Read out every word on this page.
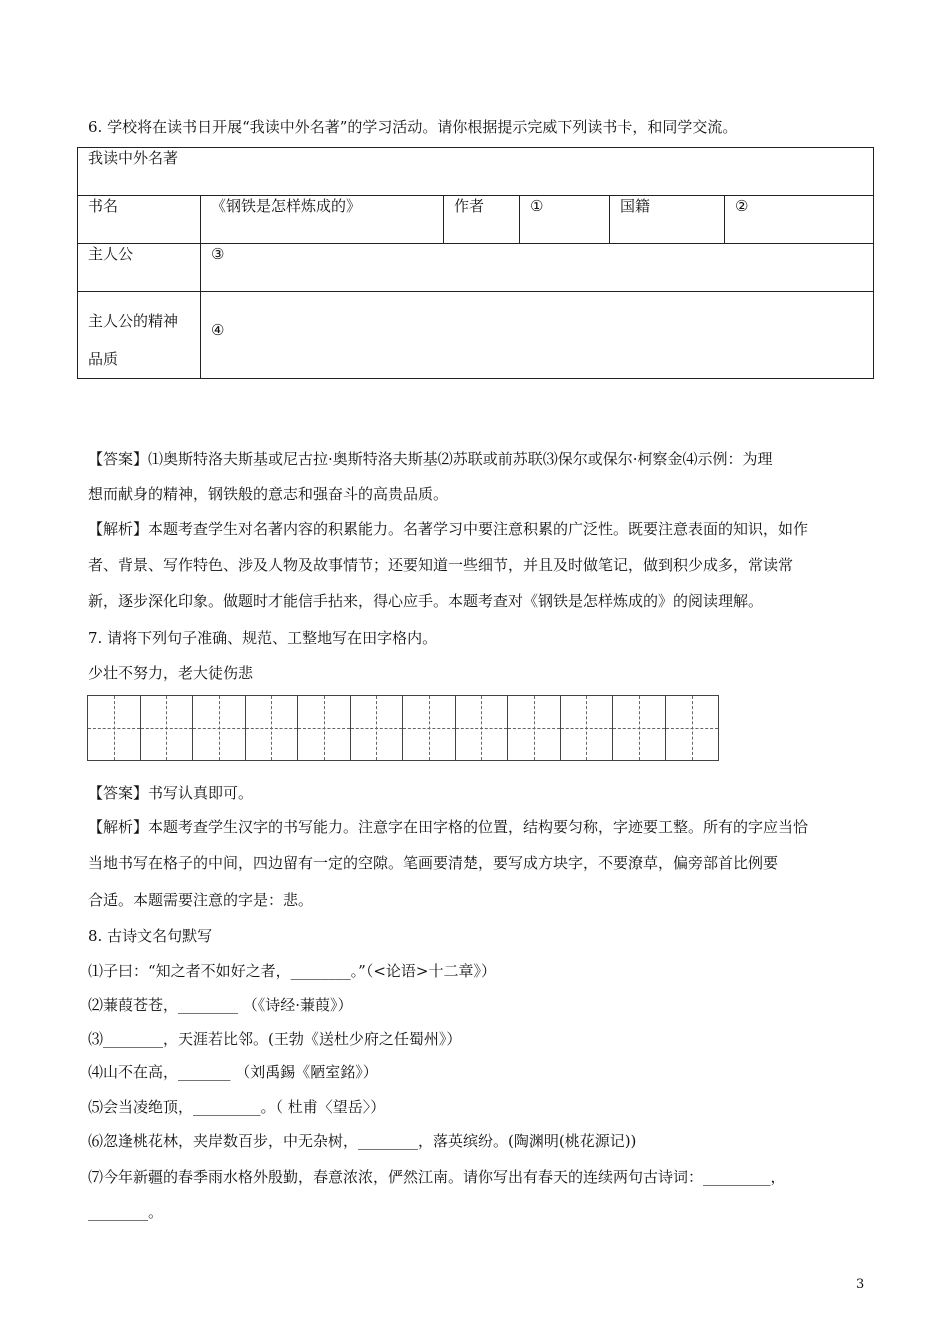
6. 学校将在读书日开展“我读中外名著”的学习活动。请你根据提示完威下列读书卡，和同学交流。
我读中外名著					
书名	《钢铁是怎样炼成的》	作者	①	国籍	②
主人公	③				

主人公的精神
品质	④				
【答案】⑴奥斯特洛夫斯基或尼古拉·奥斯特洛夫斯基⑵苏联或前苏联⑶保尔或保尔·柯察金⑷示例：为理
想而献身的精神，钢铁般的意志和强奋斗的高贵品质。
【解析】本题考查学生对名著内容的积累能力。名著学习中要注意积累的广泛性。既要注意表面的知识，如作
者、背景、写作特色、涉及人物及故事情节；还要知道一些细节，并且及时做笔记，做到积少成多，常读常
新，逐步深化印象。做题时才能信手拈来，得心应手。本题考查对《钢铁是怎样炼成的》的阅读理解。
7. 请将下列句子准确、规范、工整地写在田字格内。
少壮不努力，老大徒伤悲
【答案】书写认真即可。
【解析】本题考查学生汉字的书写能力。注意字在田字格的位置，结构要匀称，字迹要工整。所有的字应当恰
当地书写在格子的中间，四边留有一定的空隙。笔画要清楚，要写成方块字，不要潦草，偏旁部首比例要
合适。本题需要注意的字是：悲。
8. 古诗文名句默写
⑴子曰：“知之者不如好之者，________。”（<论语>十二章》）
⑵蒹葭苍苍，________ （《诗经·蒹葭》）
⑶________，天涯若比邻。(王勃《送杜少府之任蜀州》）
⑷山不在高，_______ （刘禹錫《陋室銘》）
⑸会当凌绝顶，_________。（ 杜甫〈望岳〉）
⑹忽逢桃花林，夹岸数百步，中无杂树，________，落英缤纷。(陶渊明(桃花源记))
⑺今年新疆的春季雨水格外殷勤，春意浓浓，俨然江南。请你写出有春天的连续两句古诗词：_________，
________。
3
